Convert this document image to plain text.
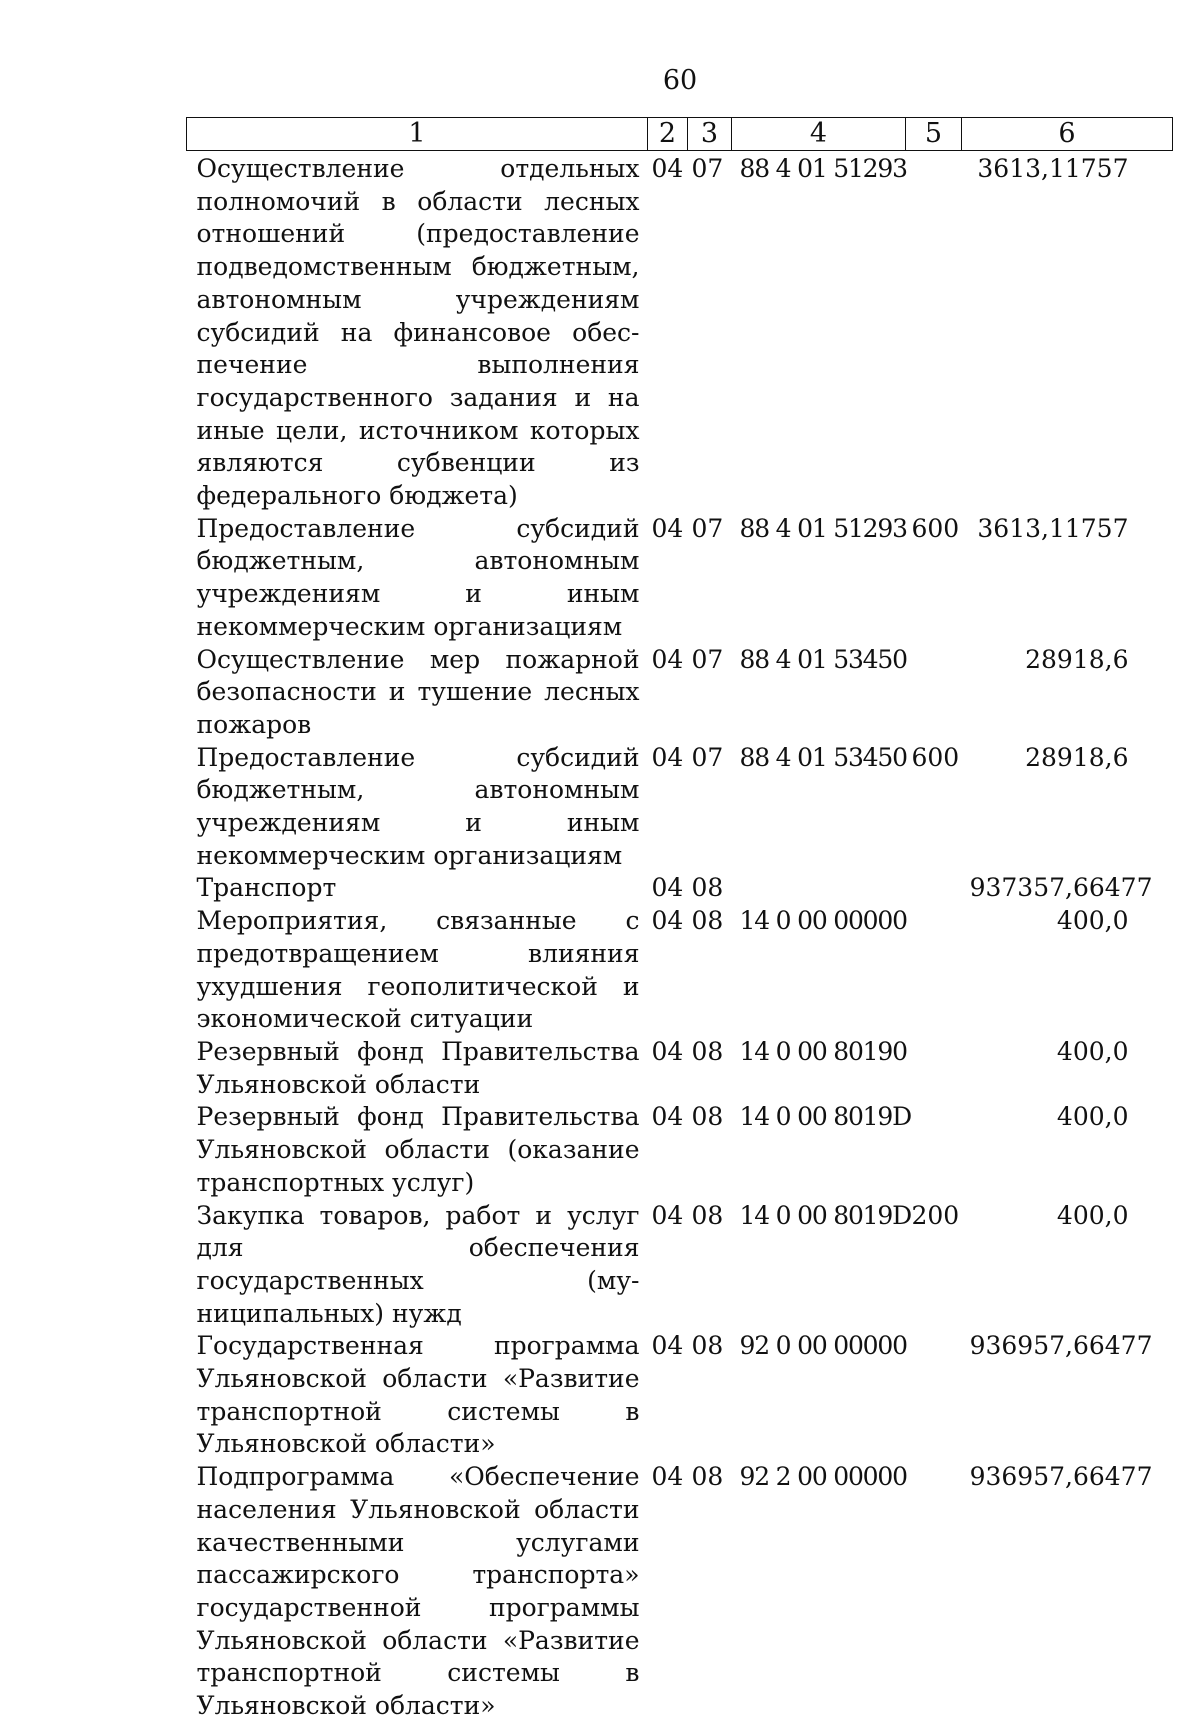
60
1	2	3	4	5	6
Осуществление отдельных полномочий в области лесных отношений (предоставление подведомственным бюджетным, автономным учреждениям субсидий на финансовое обеспечение выполнения государственного задания и на иные цели, источником которых являются субвенции из федерального бюджета)	04	07	88 4 01 51293		3613,11757
Предоставление субсидий бюджетным, автономным учреждениям и иным некоммерческим организациям	04	07	88 4 01 51293	600	3613,11757
Осуществление мер пожарной безопасности и тушение лесных пожаров	04	07	88 4 01 53450		28918,6
Предоставление субсидий бюджетным, автономным учреждениям и иным некоммерческим организациям	04	07	88 4 01 53450	600	28918,6
Транспорт	04	08			937357,66477
Мероприятия, связанные с предотвращением влияния ухудшения геополитической и экономической ситуации	04	08	14 0 00 00000		400,0
Резервный фонд Правительства Ульяновской области	04	08	14 0 00 80190		400,0
Резервный фонд Правительства Ульяновской области (оказание транспортных услуг)	04	08	14 0 00 8019D		400,0
Закупка товаров, работ и услуг для обеспечения государственных (муниципальных) нужд	04	08	14 0 00 8019D	200	400,0
Государственная программа Ульяновской области «Развитие транспортной системы в Ульяновской области»	04	08	92 0 00 00000		936957,66477
Подпрограмма «Обеспечение населения Ульяновской области качественными услугами пассажирского транспорта» государственной программы Ульяновской области «Развитие транспортной системы в Ульяновской области»	04	08	92 2 00 00000		936957,66477
